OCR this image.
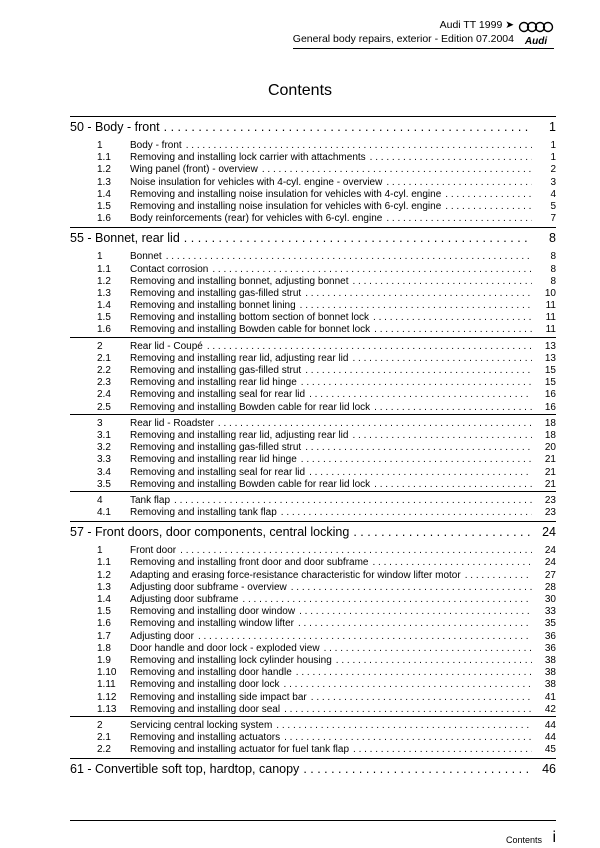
Audi TT 1999 ➤
General body repairs, exterior - Edition 07.2004	Audi
Contents
50 - Body - front . . .	1
1	Body - front . . .	1
1.1	Removing and installing lock carrier with attachments . . .	1
1.2	Wing panel (front) - overview . . .	2
1.3	Noise insulation for vehicles with 4-cyl. engine - overview . . .	3
1.4	Removing and installing noise insulation for vehicles with 4-cyl. engine . . .	4
1.5	Removing and installing noise insulation for vehicles with 6-cyl. engine . . .	5
1.6	Body reinforcements (rear) for vehicles with 6-cyl. engine . . .	7
55 - Bonnet, rear lid . . .	8
1	Bonnet . . .	8
1.1	Contact corrosion . . .	8
1.2	Removing and installing bonnet, adjusting bonnet . . .	8
1.3	Removing and installing gas-filled strut . . .	10
1.4	Removing and installing bonnet lining . . .	11
1.5	Removing and installing bottom section of bonnet lock . . .	11
1.6	Removing and installing Bowden cable for bonnet lock . . .	11
2	Rear lid - Coupé . . .	13
2.1	Removing and installing rear lid, adjusting rear lid . . .	13
2.2	Removing and installing gas-filled strut . . .	15
2.3	Removing and installing rear lid hinge . . .	15
2.4	Removing and installing seal for rear lid . . .	16
2.5	Removing and installing Bowden cable for rear lid lock . . .	16
3	Rear lid - Roadster . . .	18
3.1	Removing and installing rear lid, adjusting rear lid . . .	18
3.2	Removing and installing gas-filled strut . . .	20
3.3	Removing and installing rear lid hinge . . .	21
3.4	Removing and installing seal for rear lid . . .	21
3.5	Removing and installing Bowden cable for rear lid lock . . .	21
4	Tank flap . . .	23
4.1	Removing and installing tank flap . . .	23
57 - Front doors, door components, central locking . . .	24
1	Front door . . .	24
1.1	Removing and installing front door and door subframe . . .	24
1.2	Adapting and erasing force-resistance characteristic for window lifter motor . . .	27
1.3	Adjusting door subframe - overview . . .	28
1.4	Adjusting door subframe . . .	30
1.5	Removing and installing door window . . .	33
1.6	Removing and installing window lifter . . .	35
1.7	Adjusting door . . .	36
1.8	Door handle and door lock - exploded view . . .	36
1.9	Removing and installing lock cylinder housing . . .	38
1.10	Removing and installing door handle . . .	38
1.11	Removing and installing door lock . . .	38
1.12	Removing and installing side impact bar . . .	41
1.13	Removing and installing door seal . . .	42
2	Servicing central locking system . . .	44
2.1	Removing and installing actuators . . .	44
2.2	Removing and installing actuator for fuel tank flap . . .	45
61 - Convertible soft top, hardtop, canopy . . .	46
Contents i
